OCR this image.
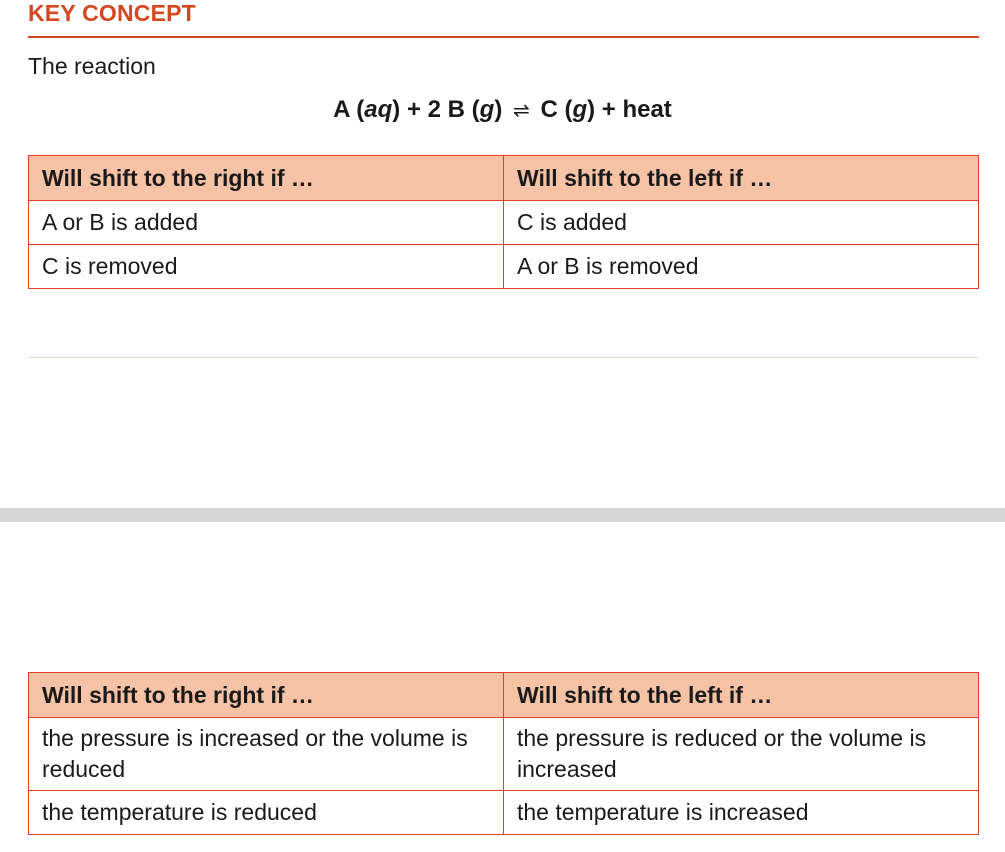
KEY CONCEPT
The reaction
A (aq) + 2 B (g) ⇌ C (g) + heat
Will shift to the right if …	Will shift to the left if …
A or B is added	C is added
C is removed	A or B is removed
Will shift to the right if …	Will shift to the left if …
the pressure is increased or the volume is reduced	the pressure is reduced or the volume is increased
the temperature is reduced	the temperature is increased
